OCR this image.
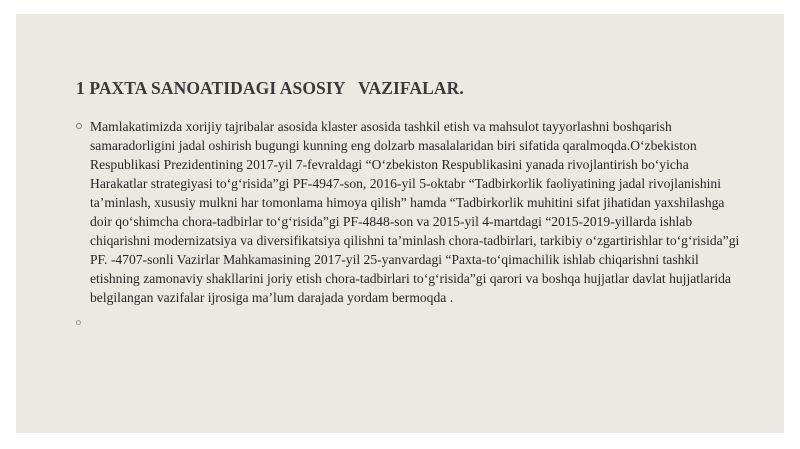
1 PAXTA SANOATIDAGI ASOSIY   VAZIFALAR.
Mamlakatimizda xorijiy tajribalar asosida klaster asosida tashkil etish va mahsulot tayyorlashni boshqarish samaradorligini jadal oshirish bugungi kunning eng dolzarb masalalaridan biri sifatida qaralmoqda.O‘zbekiston Respublikasi Prezidentining 2017-yil 7-fevraldagi “O‘zbekiston Respublikasini yanada rivojlantirish bo‘yicha Harakatlar strategiyasi to‘g‘risida”gi PF-4947-son, 2016-yil 5-oktabr “Tadbirkorlik faoliyatining jadal rivojlanishini ta’minlash, xususiy mulkni har tomonlama himoya qilish” hamda “Tadbirkorlik muhitini sifat jihatidan yaxshilashga doir qo‘shimcha chora-tadbirlar to‘g‘risida”gi PF-4848-son va 2015-yil 4-martdagi “2015-2019-yillarda ishlab chiqarishni modernizatsiya va diversifikatsiya qilishni ta’minlash chora-tadbirlari, tarkibiy o‘zgartirishlar to‘g‘risida”gi PF. -4707-sonli Vazirlar Mahkamasining 2017-yil 25-yanvardagi “Paxta-to‘qimachilik ishlab chiqarishni tashkil etishning zamonaviy shakllarini joriy etish chora-tadbirlari to‘g‘risida”gi qarori va boshqa hujjatlar davlat hujjatlarida belgilangan vazifalar ijrosiga ma’lum darajada yordam bermoqda .
